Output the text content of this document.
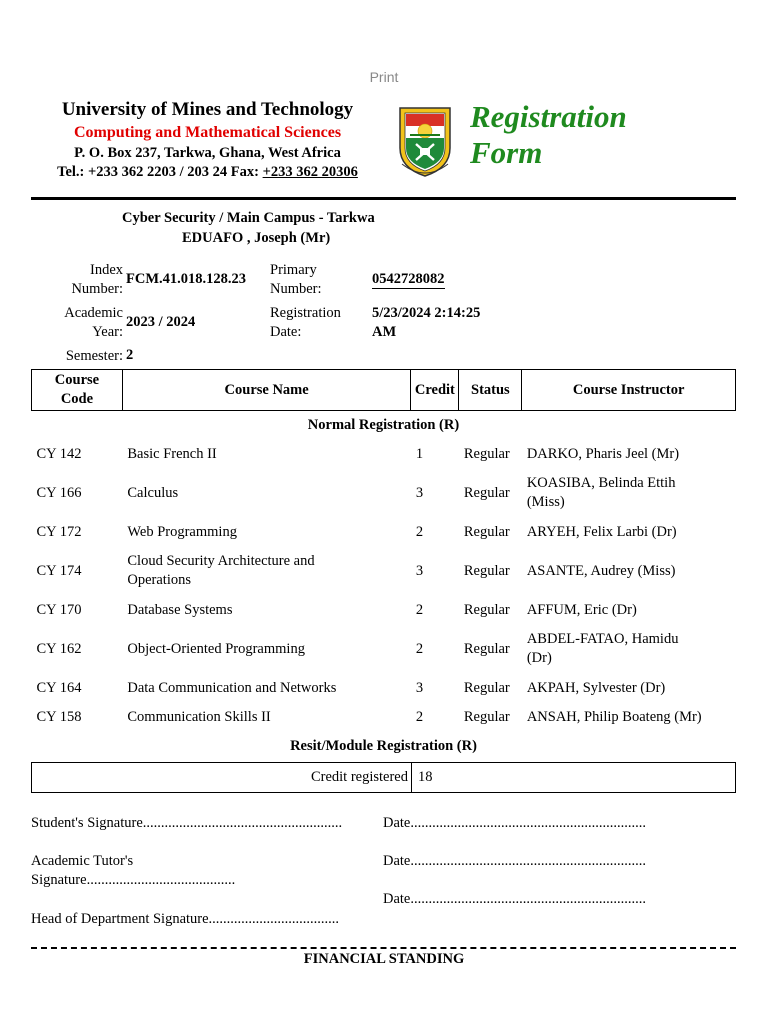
Print
University of Mines and Technology
Computing and Mathematical Sciences
P. O. Box 237, Tarkwa, Ghana, West Africa
Tel.: +233 362 2203 / 203 24 Fax: +233 362 20306
Registration
Form
Cyber Security / Main Campus - Tarkwa
EDUAFO , Joseph (Mr)
Index
Number:
FCM.41.018.128.23
Primary
Number:
0542728082
Academic
Year:
2023 / 2024
Registration
Date:
5/23/2024 2:14:25
AM
Semester: 2
Course
Code	Course Name	Credit	Status	Course Instructor
Normal Registration (R)				
CY 142	Basic French II	1	Regular	DARKO, Pharis Jeel (Mr)

CY 166	Calculus	3	Regular	KOASIBA, Belinda Ettih
(Miss)

CY 172	Web Programming	2	Regular	ARYEH, Felix Larbi (Dr)

CY 174	Cloud Security Architecture and
Operations	3	Regular	ASANTE, Audrey (Miss)

CY 170	Database Systems	2	Regular	AFFUM, Eric (Dr)

CY 162	Object-Oriented Programming	2	Regular	ABDEL-FATAO, Hamidu
(Dr)

CY 164	Data Communication and Networks	3	Regular	AKPAH, Sylvester (Dr)

CY 158	Communication Skills II	2	Regular	ANSAH, Philip Boateng (Mr)

Resit/Module Registration (R)				
Credit registered 18
Student's Signature.......................................................	Date.................................................................
Academic Tutor's
Signature.........................................
Date.................................................................
Date.................................................................
Head of Department Signature....................................
FINANCIAL STANDING
